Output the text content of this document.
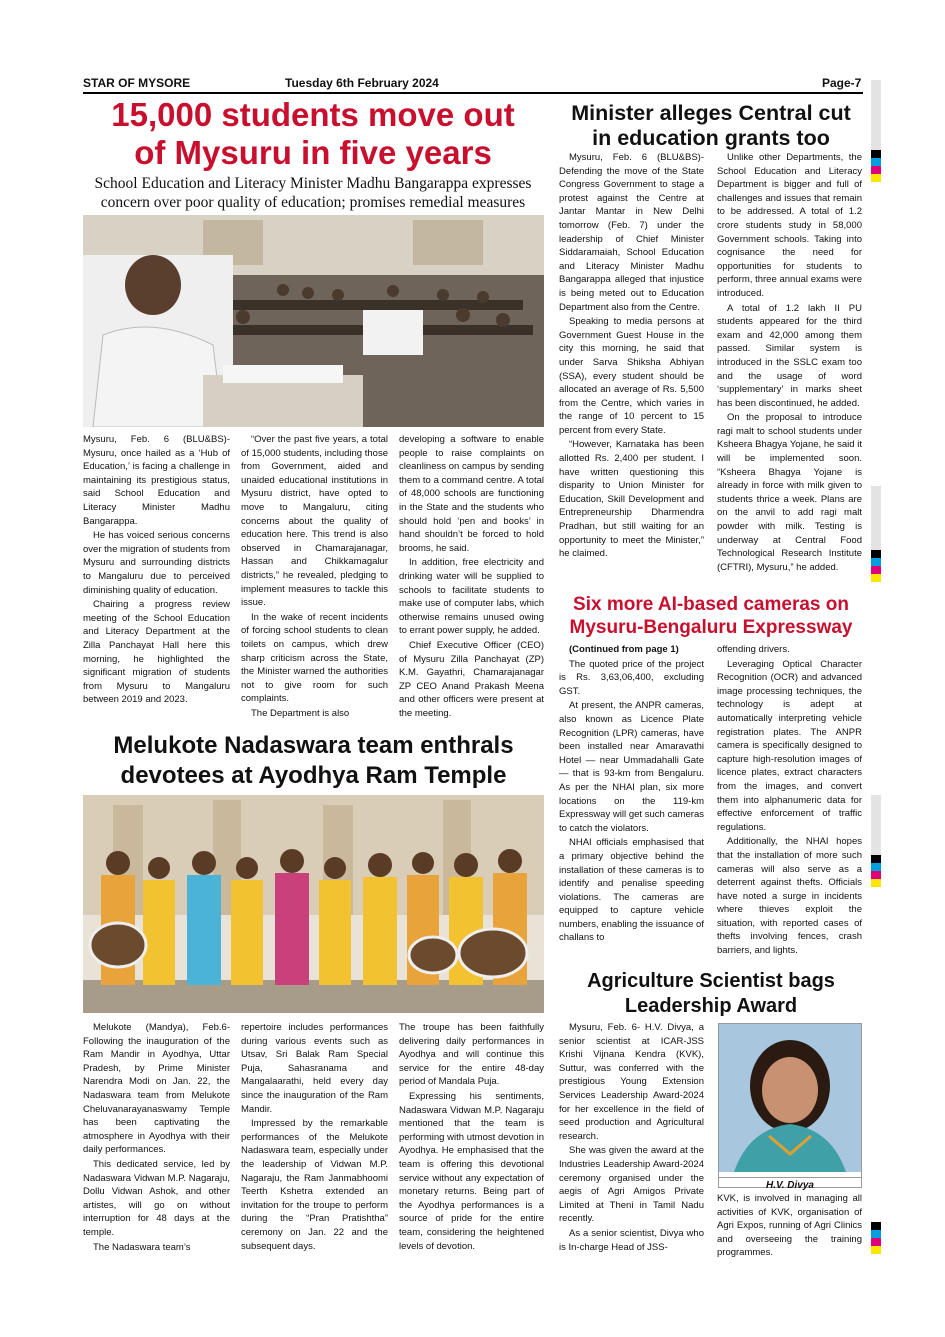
STAR OF MYSORE	Tuesday 6th February 2024	Page-7
15,000 students move out
of Mysuru in five years
School Education and Literacy Minister Madhu Bangarappa expresses
concern over poor quality of education; promises remedial measures

Mysuru, Feb. 6 (BLU&BS)- Mysuru, once hailed as a ‘Hub of Education,’ is facing a challenge in maintaining its prestigious status, said School Education and Literacy Minister Madhu Bangarappa.

He has voiced serious concerns over the migration of students from Mysuru and surrounding districts to Mangaluru due to perceived diminishing quality of education.

Chairing a progress review meeting of the School Education and Literacy Department at the Zilla Panchayat Hall here this morning, he highlighted the significant migration of students from Mysuru to Mangaluru between 2019 and 2023.

“Over the past five years, a total of 15,000 students, including those from Government, aided and unaided educational institutions in Mysuru district, have opted to move to Mangaluru, citing concerns about the quality of education here. This trend is also observed in Chamarajanagar, Hassan and Chikkamagalur districts,” he revealed, pledging to implement measures to tackle this issue.

In the wake of recent incidents of forcing school students to clean toilets on campus, which drew sharp criticism across the State, the Minister warned the authorities not to give room for such complaints.

The Department is also

developing a software to enable people to raise complaints on cleanliness on campus by sending them to a command centre. A total of 48,000 schools are functioning in the State and the students who should hold ‘pen and books’ in hand shouldn’t be forced to hold brooms, he said.

In addition, free electricity and drinking water will be supplied to schools to facilitate students to make use of computer labs, which otherwise remains unused owing to errant power supply, he added.

Chief Executive Officer (CEO) of Mysuru Zilla Panchayat (ZP) K.M. Gayathri, Chamarajanagar ZP CEO Anand Prakash Meena and other officers were present at the meeting.

Minister alleges Central cut
in education grants too

Mysuru, Feb. 6 (BLU&BS)- Defending the move of the State Congress Government to stage a protest against the Centre at Jantar Mantar in New Delhi tomorrow (Feb. 7) under the leadership of Chief Minister Siddaramaiah, School Education and Literacy Minister Madhu Bangarappa alleged that injustice is being meted out to Education Department also from the Centre.

Speaking to media persons at Government Guest House in the city this morning, he said that under Sarva Shiksha Abhiyan (SSA), every student should be allocated an average of Rs. 5,500 from the Centre, which varies in the range of 10 percent to 15 percent from every State.

“However, Karnataka has been allotted Rs. 2,400 per student. I have written questioning this disparity to Union Minister for Education, Skill Development and Entrepreneurship Dharmendra Pradhan, but still waiting for an opportunity to meet the Minister,” he claimed.

Unlike other Departments, the School Education and Literacy Department is bigger and full of challenges and issues that remain to be addressed. A total of 1.2 crore students study in 58,000 Government schools. Taking into cognisance the need for opportunities for students to perform, three annual exams were introduced.

A total of 1.2 lakh II PU students appeared for the third exam and 42,000 among them passed. Similar system is introduced in the SSLC exam too and the usage of word ‘supplementary’ in marks sheet has been discontinued, he added.

On the proposal to introduce ragi malt to school students under Ksheera Bhagya Yojane, he said it will be implemented soon. “Ksheera Bhagya Yojane is already in force with milk given to students thrice a week. Plans are on the anvil to add ragi malt powder with milk. Testing is underway at Central Food Technological Research Institute (CFTRI), Mysuru,” he added.

Six more AI-based cameras on
Mysuru-Bengaluru Expressway

(Continued from page 1)

The quoted price of the project is Rs. 3,63,06,400, excluding GST.

At present, the ANPR cameras, also known as Licence Plate Recognition (LPR) cameras, have been installed near Amaravathi Hotel — near Ummadahalli Gate — that is 93-km from Bengaluru. As per the NHAI plan, six more locations on the 119-km Expressway will get such cameras to catch the violators.

NHAI officials emphasised that a primary objective behind the installation of these cameras is to identify and penalise speeding violations. The cameras are equipped to capture vehicle numbers, enabling the issuance of challans to

offending drivers.

Leveraging Optical Character Recognition (OCR) and advanced image processing techniques, the technology is adept at automatically interpreting vehicle registration plates. The ANPR camera is specifically designed to capture high-resolution images of licence plates, extract characters from the images, and convert them into alphanumeric data for effective enforcement of traffic regulations.

Additionally, the NHAI hopes that the installation of more such cameras will also serve as a deterrent against thefts. Officials have noted a surge in incidents where thieves exploit the situation, with reported cases of thefts involving fences, crash barriers, and lights.

Melukote Nadaswara team enthrals
devotees at Ayodhya Ram Temple

Melukote (Mandya), Feb.6- Following the inauguration of the Ram Mandir in Ayodhya, Uttar Pradesh, by Prime Minister Narendra Modi on Jan. 22, the Nadaswara team from Melukote Cheluvanarayanaswamy Temple has been captivating the atmosphere in Ayodhya with their daily performances.

This dedicated service, led by Nadaswara Vidwan M.P. Nagaraju, Dollu Vidwan Ashok, and other artistes, will go on without interruption for 48 days at the temple.

The Nadaswara team’s

repertoire includes performances during various events such as Utsav, Sri Balak Ram Special Puja, Sahasranama and Mangalaarathi, held every day since the inauguration of the Ram Mandir.

Impressed by the remarkable performances of the Melukote Nadaswara team, especially under the leadership of Vidwan M.P. Nagaraju, the Ram Janmabhoomi Teerth Kshetra extended an invitation for the troupe to perform during the “Pran Pratishtha” ceremony on Jan. 22 and the subsequent days.

The troupe has been faithfully delivering daily performances in Ayodhya and will continue this service for the entire 48-day period of Mandala Puja.

Expressing his sentiments, Nadaswara Vidwan M.P. Nagaraju mentioned that the team is performing with utmost devotion in Ayodhya. He emphasised that the team is offering this devotional service without any expectation of monetary returns. Being part of the Ayodhya performances is a source of pride for the entire team, considering the heightened levels of devotion.

Agriculture Scientist bags
Leadership Award

Mysuru, Feb. 6- H.V. Divya, a senior scientist at ICAR-JSS Krishi Vijnana Kendra (KVK), Suttur, was conferred with the prestigious Young Extension Services Leadership Award-2024 for her excellence in the field of seed production and Agricultural research.

She was given the award at the Industries Leadership Award-2024 ceremony organised under the aegis of Agri Amigos Private Limited at Theni in Tamil Nadu recently.

As a senior scientist, Divya who is In-charge Head of JSS-

H.V. Divya

KVK, is involved in managing all activities of KVK, organisation of Agri Expos, running of Agri Clinics and overseeing the training programmes.
